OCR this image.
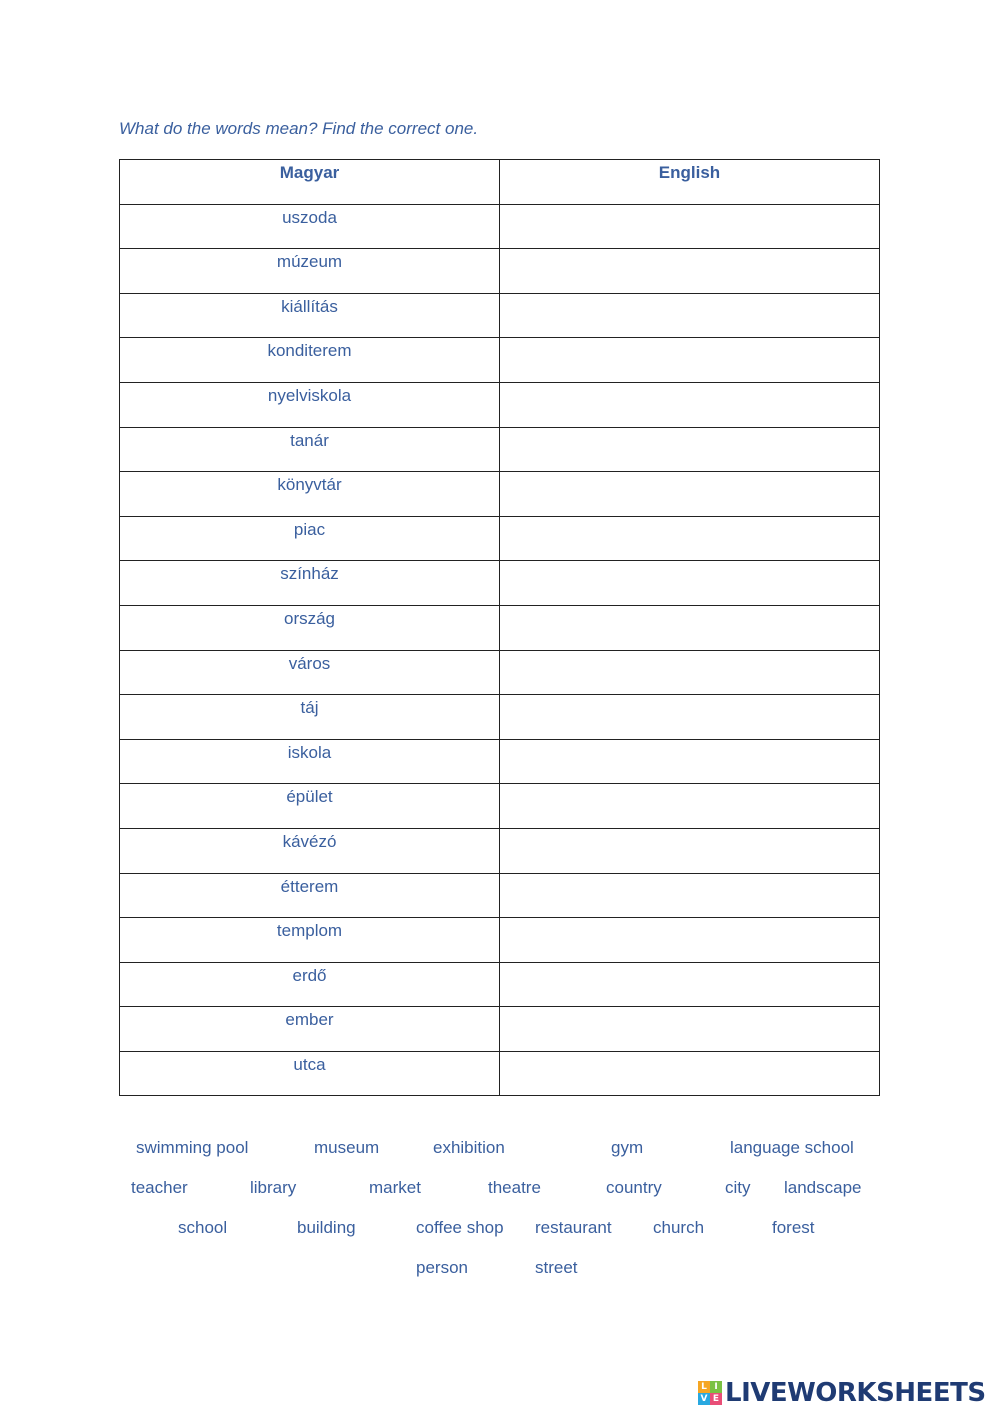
What do the words mean? Find the correct one.
Magyar	English

uszoda	

múzeum	

kiállítás	

konditerem	

nyelviskola	

tanár	

könyvtár	

piac	

színház	

ország	

város	

táj	

iskola	

épület	

kávézó	

étterem	

templom	

erdő	

ember	

utca	

swimming pool	museum	exhibition	gym	language school
teacher	library	market	theatre	country	city landscape
school	building	coffee shop restaurant church	forest
person	street
L I
V E LIVEWORKSHEETS
